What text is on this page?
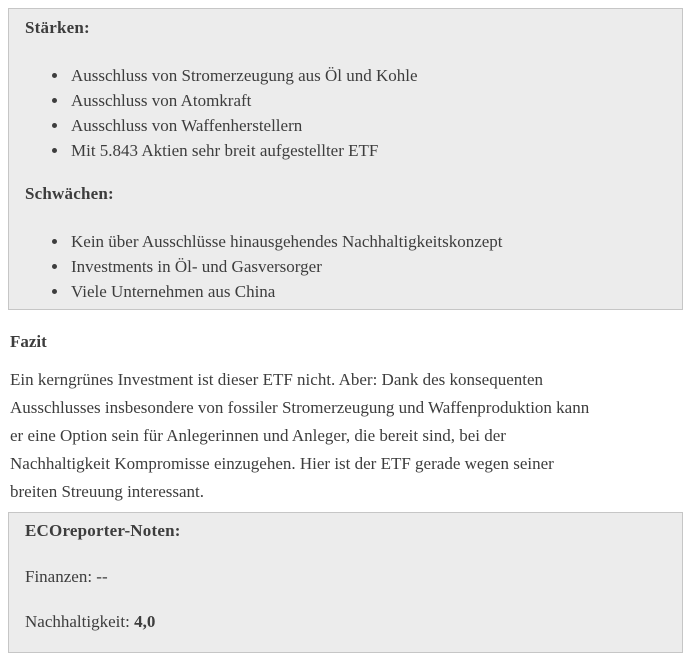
Stärken:
• Ausschluss von Stromerzeugung aus Öl und Kohle
• Ausschluss von Atomkraft
• Ausschluss von Waffenherstellern
• Mit 5.843 Aktien sehr breit aufgestellter ETF
Schwächen:
• Kein über Ausschlüsse hinausgehendes Nachhaltigkeitskonzept
• Investments in Öl- und Gasversorger
• Viele Unternehmen aus China
Fazit
Ein kerngrünes Investment ist dieser ETF nicht. Aber: Dank des konsequenten
Ausschlusses insbesondere von fossiler Stromerzeugung und Waffenproduktion kann
er eine Option sein für Anlegerinnen und Anleger, die bereit sind, bei der
Nachhaltigkeit Kompromisse einzugehen. Hier ist der ETF gerade wegen seiner
breiten Streuung interessant.
ECOreporter-Noten:
Finanzen: --
Nachhaltigkeit: 4,0
